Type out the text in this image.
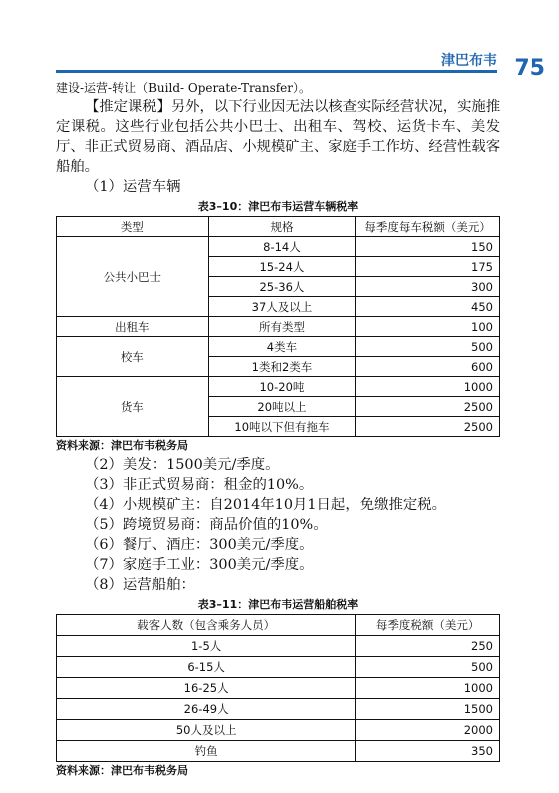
津巴布韦 75

建设-运营-转让（Build- Operate-Transfer）。

【推定课税】另外，以下行业因无法以核查实际经营状况，实施推定课税。这些行业包括公共小巴士、出租车、驾校、运货卡车、美发厅、非正式贸易商、酒品店、小规模矿主、家庭手工作坊、经营性载客船舶。

（1）运营车辆

表3–10：津巴布韦运营车辆税率
类型	规格	每季度每车税额（美元）
公共小巴士	8-14人	150
	15-24人	175
	25-36人	300
	37人及以上	450
出租车	所有类型	100
校车	4类车	500
	1类和2类车	600
货车	10-20吨	1000
	20吨以上	2500
	10吨以下但有拖车	2500
资料来源：津巴布韦税务局

（2）美发：1500美元/季度。

（3）非正式贸易商：租金的10%。

（4）小规模矿主：自2014年10月1日起，免缴推定税。

（5）跨境贸易商：商品价值的10%。

（6）餐厅、酒庄：300美元/季度。

（7）家庭手工业：300美元/季度。

（8）运营船舶：

表3–11：津巴布韦运营船舶税率
载客人数（包含乘务人员）	每季度税额（美元）
1-5人	250
6-15人	500
16-25人	1000
26-49人	1500
50人及以上	2000
钓鱼	350
资料来源：津巴布韦税务局
